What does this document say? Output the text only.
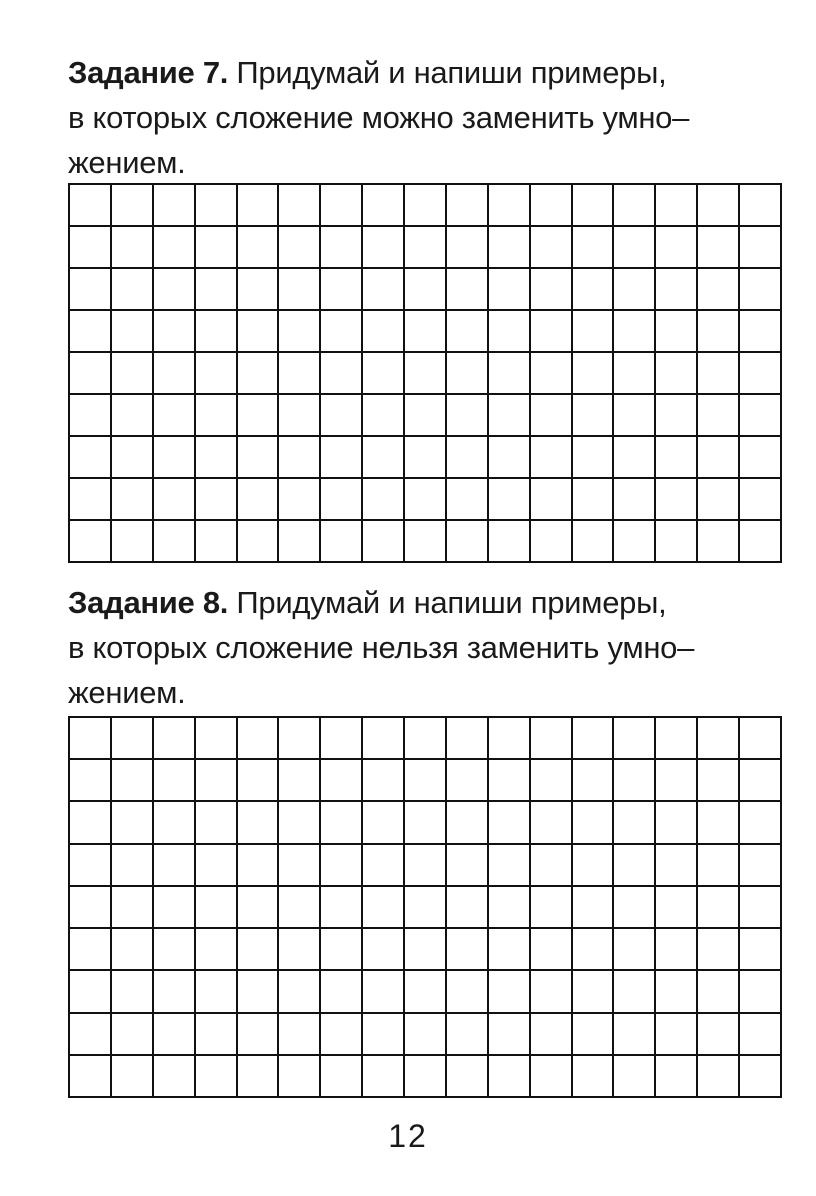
Задание 7. Придумай и напиши примеры,
в которых сложение можно заменить умно–
жением.

Задание 8. Придумай и напиши примеры,
в которых сложение нельзя заменить умно–
жением.

12
